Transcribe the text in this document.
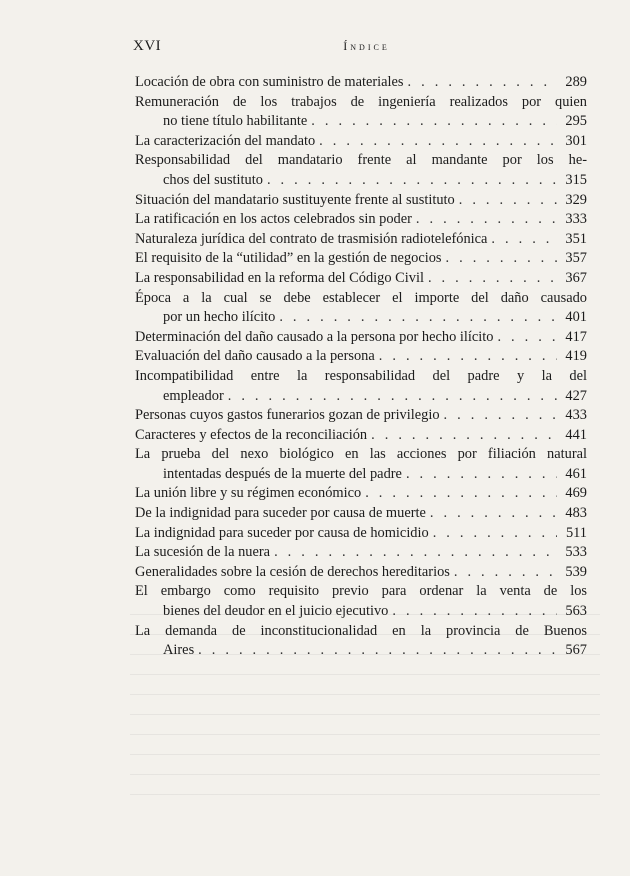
XVI	Índice
Locación de obra con suministro de materiales . . .	289
Remuneración de los trabajos de ingeniería realizados por quien
no tiene título habilitante . . .	295
La caracterización del mandato . . .	301
Responsabilidad del mandatario frente al mandante por los he-
chos del sustituto . . .	315
Situación del mandatario sustituyente frente al sustituto . . .	329
La ratificación en los actos celebrados sin poder . . .	333
Naturaleza jurídica del contrato de trasmisión radiotelefónica . . .	351
El requisito de la “utilidad” en la gestión de negocios . . .	357
La responsabilidad en la reforma del Código Civil . . .	367
Época a la cual se debe establecer el importe del daño causado
por un hecho ilícito . . .	401
Determinación del daño causado a la persona por hecho ilícito . . .	417
Evaluación del daño causado a la persona . . .	419
Incompatibilidad entre la responsabilidad del padre y la del
empleador . . .	427
Personas cuyos gastos funerarios gozan de privilegio . . .	433
Caracteres y efectos de la reconciliación . . .	441
La prueba del nexo biológico en las acciones por filiación natural
intentadas después de la muerte del padre . . .	461
La unión libre y su régimen económico . . .	469
De la indignidad para suceder por causa de muerte . . .	483
La indignidad para suceder por causa de homicidio . . .	511
La sucesión de la nuera . . .	533
Generalidades sobre la cesión de derechos hereditarios . . .	539
El embargo como requisito previo para ordenar la venta de los
bienes del deudor en el juicio ejecutivo . . .	563
La demanda de inconstitucionalidad en la provincia de Buenos
Aires . . .	567
